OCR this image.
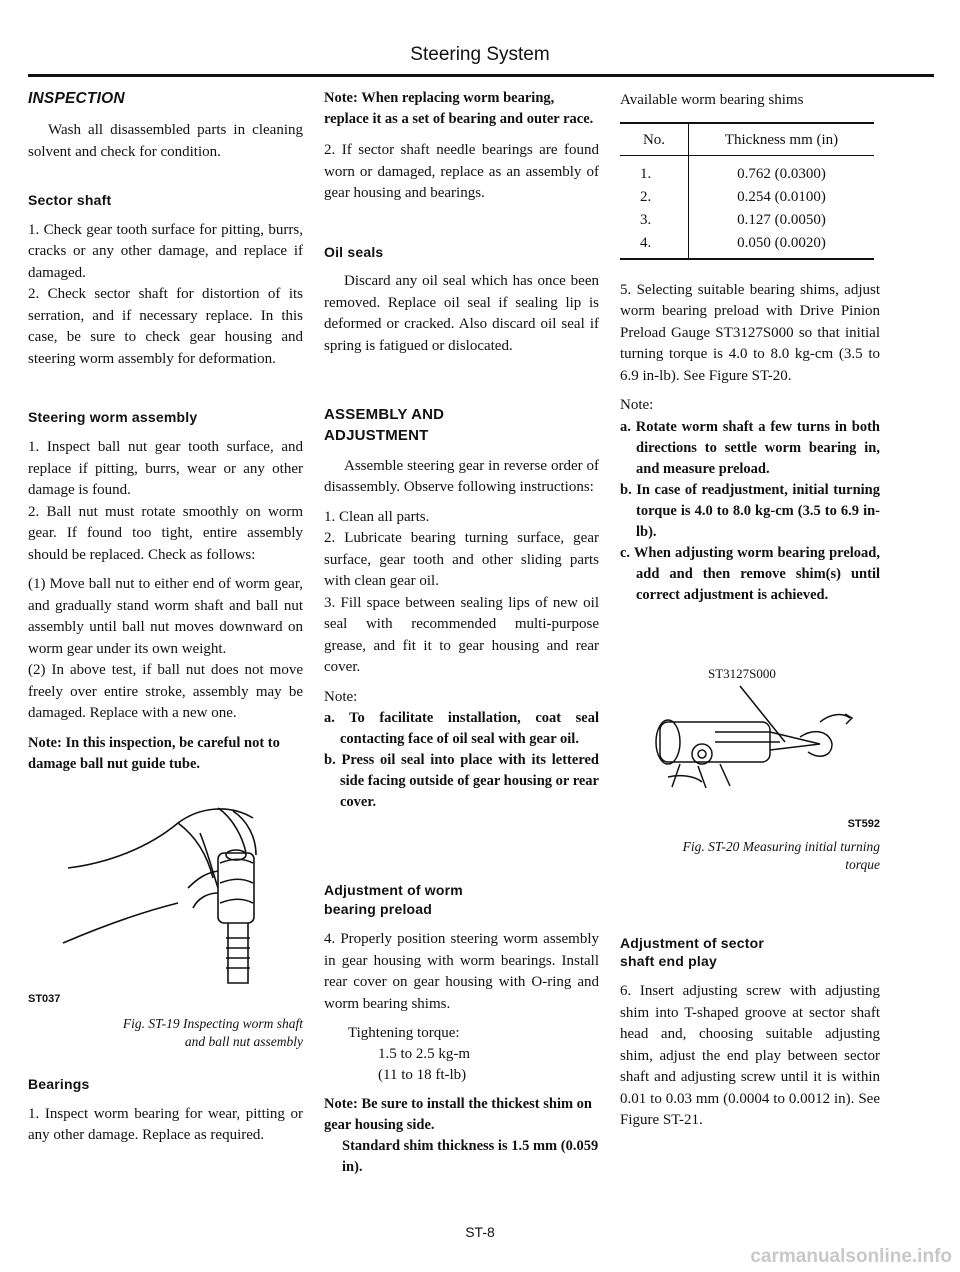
Steering System
INSPECTION

Wash all disassembled parts in cleaning solvent and check for condition.

Sector shaft

1. Check gear tooth surface for pitting, burrs, cracks or any other damage, and replace if damaged.

2. Check sector shaft for distortion of its serration, and if necessary replace. In this case, be sure to check gear housing and steering worm assembly for deformation.

Steering worm assembly

1. Inspect ball nut gear tooth surface, and replace if pitting, burrs, wear or any other damage is found.

2. Ball nut must rotate smoothly on worm gear. If found too tight, entire assembly should be replaced. Check as follows:

(1) Move ball nut to either end of worm gear, and gradually stand worm shaft and ball nut assembly until ball nut moves downward on worm gear under its own weight.

(2) In above test, if ball nut does not move freely over entire stroke, assembly may be damaged. Replace with a new one.

Note: In this inspection, be careful not to damage ball nut guide tube.
ST037
Fig. ST-19 Inspecting worm shaft
and ball nut assembly
Bearings

1. Inspect worm bearing for wear, pitting or any other damage. Replace as required.

Note: When replacing worm bearing, replace it as a set of bearing and outer race.

2. If sector shaft needle bearings are found worn or damaged, replace as an assembly of gear housing and bearings.

Oil seals

Discard any oil seal which has once been removed. Replace oil seal if sealing lip is deformed or cracked. Also discard oil seal if spring is fatigued or dislocated.

ASSEMBLY AND
ADJUSTMENT

Assemble steering gear in reverse order of disassembly. Observe following instructions:

1. Clean all parts.

2. Lubricate bearing turning surface, gear surface, gear tooth and other sliding parts with clean gear oil.

3. Fill space between sealing lips of new oil seal with recommended multi-purpose grease, and fit it to gear housing and rear cover.

Note:

a. To facilitate installation, coat seal contacting face of oil seal with gear oil.
b. Press oil seal into place with its lettered side facing outside of gear housing or rear cover.
Adjustment of worm
bearing preload

4. Properly position steering worm assembly in gear housing with worm bearings. Install rear cover on gear housing with O-ring and worm bearing shims.

Tightening torque:
1.5 to 2.5 kg-m
(11 to 18 ft-lb)
Note: Be sure to install the thickest shim on gear housing side.
Standard shim thickness is 1.5 mm (0.059 in).

Available worm bearing shims

No.	Thickness mm (in)
1.	0.762 (0.0300)
2.	0.254 (0.0100)
3.	0.127 (0.0050)
4.	0.050 (0.0020)

5. Selecting suitable bearing shims, adjust worm bearing preload with Drive Pinion Preload Gauge ST3127S000 so that initial turning torque is 4.0 to 8.0 kg-cm (3.5 to 6.9 in-lb). See Figure ST-20.

Note:

a. Rotate worm shaft a few turns in both directions to settle worm bearing in, and measure preload.
b. In case of readjustment, initial turning torque is 4.0 to 8.0 kg-cm (3.5 to 6.9 in-lb).
c. When adjusting worm bearing preload, add and then remove shim(s) until correct adjustment is achieved.
ST3127S000
ST592
Fig. ST-20 Measuring initial turning
torque
Adjustment of sector
shaft end play

6. Insert adjusting screw with adjusting shim into T-shaped groove at sector shaft head and, choosing suitable adjusting shim, adjust the end play between sector shaft and adjusting screw until it is within 0.01 to 0.03 mm (0.0004 to 0.0012 in). See Figure ST-21.

ST-8
carmanualsonline.info
